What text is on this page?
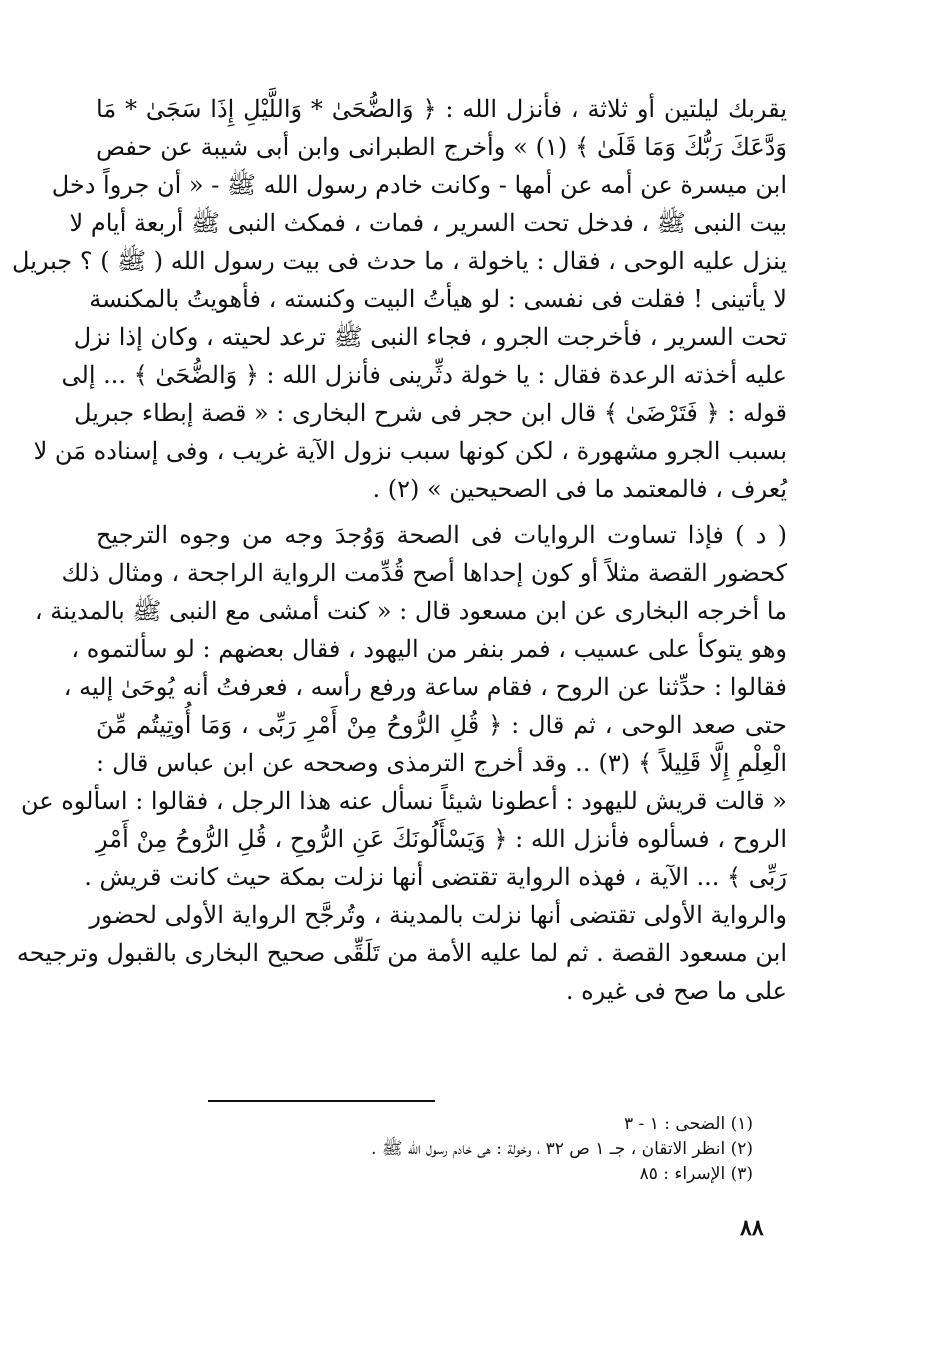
يقربك ليلتين أو ثلاثة ، فأنزل الله : ﴿ وَالضُّحَىٰ * وَاللَّيْلِ إِذَا سَجَىٰ * مَا
وَدَّعَكَ رَبُّكَ وَمَا قَلَىٰ ﴾ (١) » وأخرج الطبرانى وابن أبى شيبة عن حفص
ابن ميسرة عن أمه عن أمها - وكانت خادم رسول الله ﷺ - « أن جرواً دخل
بيت النبى ﷺ ، فدخل تحت السرير ، فمات ، فمكث النبى ﷺ أربعة أيام لا
ينزل عليه الوحى ، فقال : ياخولة ، ما حدث فى بيت رسول الله ( ﷺ ) ؟ جبريل
لا يأتينى ! فقلت فى نفسى : لو هيأتُ البيت وكنسته ، فأهويتُ بالمكنسة
تحت السرير ، فأخرجت الجرو ، فجاء النبى ﷺ ترعد لحيته ، وكان إذا نزل
عليه أخذته الرعدة فقال : يا خولة دثِّرينى فأنزل الله : ﴿ وَالضُّحَىٰ ﴾ ... إلى
قوله : ﴿ فَتَرْضَىٰ ﴾ قال ابن حجر فى شرح البخارى : « قصة إبطاء جبريل
بسبب الجرو مشهورة ، لكن كونها سبب نزول الآية غريب ، وفى إسناده مَن لا
يُعرف ، فالمعتمد ما فى الصحيحين » (٢) .
( د ) فإذا تساوت الروايات فى الصحة وَوُجدَ وجه من وجوه الترجيح
كحضور القصة مثلاً أو كون إحداها أصح قُدِّمت الرواية الراجحة ، ومثال ذلك
ما أخرجه البخارى عن ابن مسعود قال : « كنت أمشى مع النبى ﷺ بالمدينة ،
وهو يتوكأ على عسيب ، فمر بنفر من اليهود ، فقال بعضهم : لو سألتموه ،
فقالوا : حدِّثنا عن الروح ، فقام ساعة ورفع رأسه ، فعرفتُ أنه يُوحَىٰ إليه ،
حتى صعد الوحى ، ثم قال : ﴿ قُلِ الرُّوحُ مِنْ أَمْرِ رَبِّى ، وَمَا أُوتِيتُم مِّنَ
الْعِلْمِ إِلَّا قَلِيلاً ﴾ (٣) .. وقد أخرج الترمذى وصححه عن ابن عباس قال :
« قالت قريش لليهود : أعطونا شيئاً نسأل عنه هذا الرجل ، فقالوا : اسألوه عن
الروح ، فسألوه فأنزل الله : ﴿ وَيَسْأَلُونَكَ عَنِ الرُّوحِ ، قُلِ الرُّوحُ مِنْ أَمْرِ
رَبِّى ﴾ ... الآية ، فهذه الرواية تقتضى أنها نزلت بمكة حيث كانت قريش .
والرواية الأولى تقتضى أنها نزلت بالمدينة ، وتُرجَّح الرواية الأولى لحضور
ابن مسعود القصة . ثم لما عليه الأمة من تَلَقِّى صحيح البخارى بالقبول وترجيحه
على ما صح فى غيره .
(١) الضحى : ١ - ٣
(٢) انظر الاتقان ، جـ ١ ص ٣٢ ، وخولة : هى خادم رسول الله ﷺ .
(٣) الإسراء : ٨٥
٨٨
